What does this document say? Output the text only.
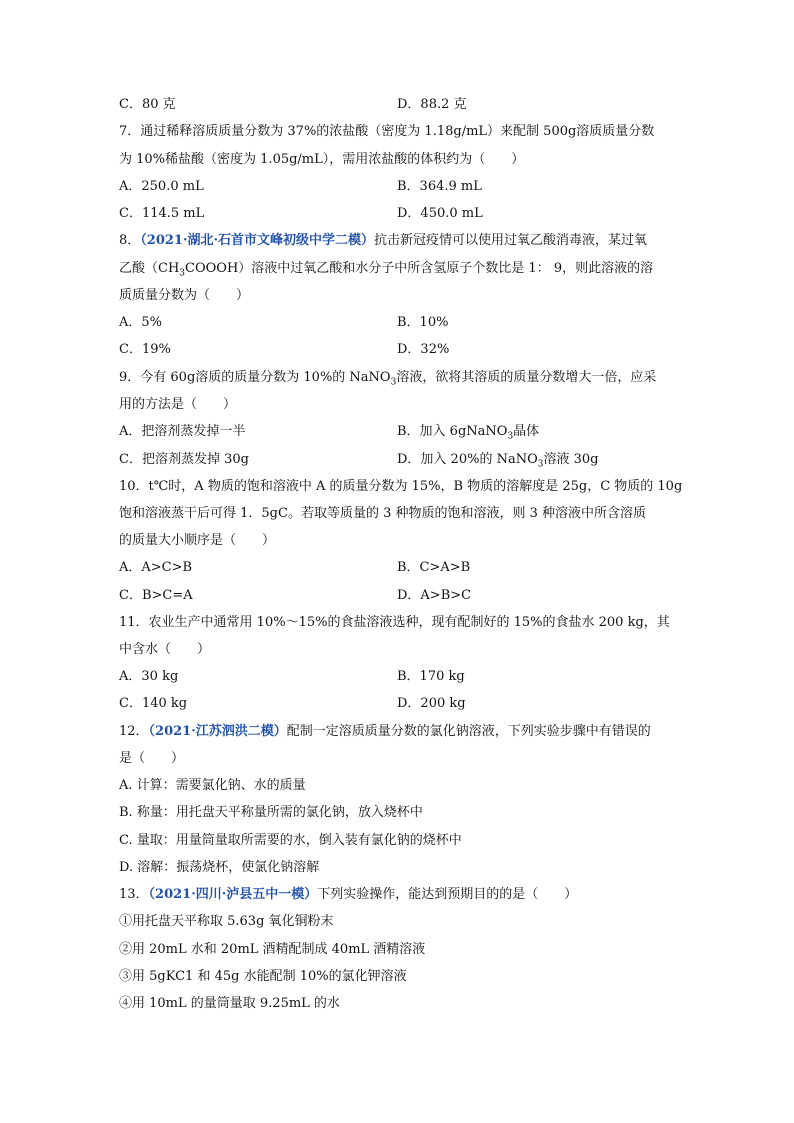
C．80 克	D．88.2 克
7．通过稀释溶质质量分数为 37%的浓盐酸（密度为 1.18g/mL）来配制 500g溶质质量分数
为 10%稀盐酸（密度为 1.05g/mL），需用浓盐酸的体积约为（　　）
A．250.0 mL	B．364.9 mL
C．114.5 mL	D．450.0 mL
8．（2021·湖北·石首市文峰初级中学二模）抗击新冠疫情可以使用过氧乙酸消毒液，某过氧
乙酸$(CH_3COOOH)$溶液中过氧乙酸和水分子中所含氢原子个数比是 1： 9，则此溶液的溶
质质量分数为（　　）
A．5%	B．10%
C．19%	D．32%
9．今有 60g溶质的质量分数为 10%的 NaNO$_3$溶液，欲将其溶质的质量分数增大一倍，应采
用的方法是（　　）
A．把溶剂蒸发掉一半	B．加入 6gNaNO$_3$晶体
C．把溶剂蒸发掉 30g	D．加入 20%的 NaNO$_3$溶液 30g
10．t℃时，A 物质的饱和溶液中 A 的质量分数为 15%，B 物质的溶解度是 25g，C 物质的 10g
饱和溶液蒸干后可得 1．5gC。若取等质量的 3 种物质的饱和溶液，则 3 种溶液中所含溶质
的质量大小顺序是（　　）
A．A>C>B	B．C>A>B
C．B>C=A	D．A>B>C
11．农业生产中通常用 10%～15%的食盐溶液选种，现有配制好的 15%的食盐水 200 kg，其
中含水（　　）
A．30 kg	B．170 kg
C．140 kg	D．200 kg
12．（2021·江苏泗洪二模）配制一定溶质质量分数的氯化钠溶液，下列实验步骤中有错误的
是（　　）
A. 计算：需要氯化钠、水的质量
B. 称量：用托盘天平称量所需的氯化钠，放入烧杯中
C. 量取：用量筒量取所需要的水，倒入装有氯化钠的烧杯中
D. 溶解：振荡烧杯，使氯化钠溶解
13．（2021·四川·泸县五中一模）下列实验操作，能达到预期目的的是（　　）
①用托盘天平称取 5.63g 氧化铜粉末
②用 20mL 水和 20mL 酒精配制成 40mL 酒精溶液
③用 5gKC1 和 45g 水能配制 10%的氯化钾溶液
④用 10mL 的量筒量取 9.25mL 的水
